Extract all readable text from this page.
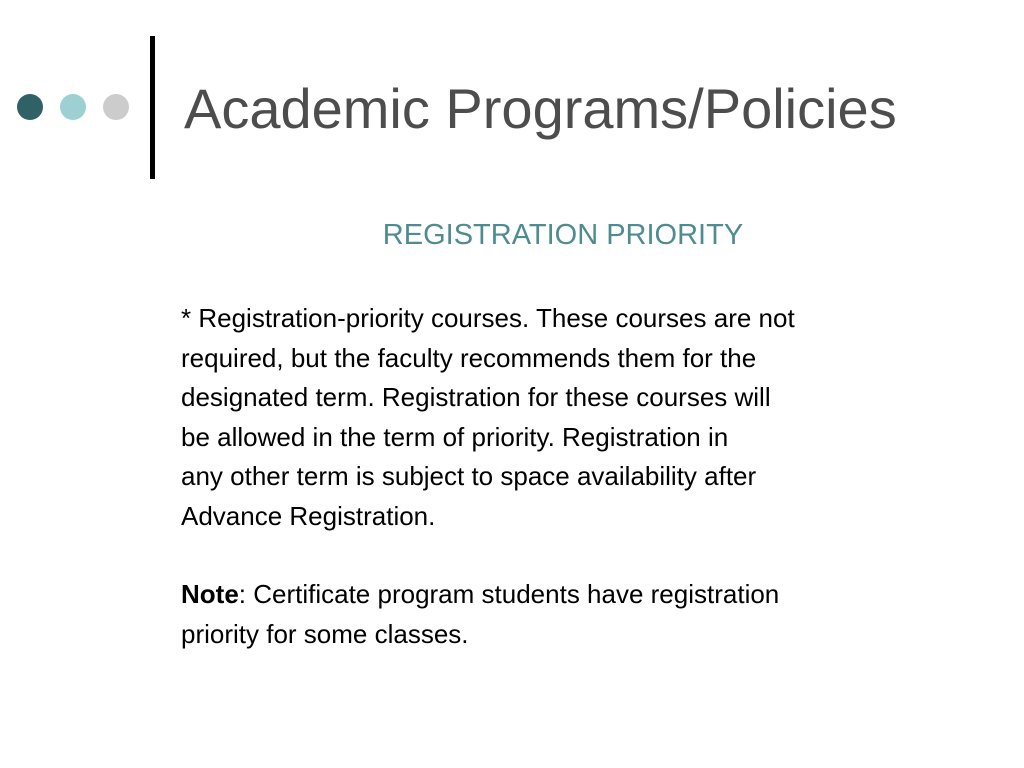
Academic Programs/Policies
REGISTRATION PRIORITY

* Registration-priority courses. These courses are not
required, but the faculty recommends them for the
designated term. Registration for these courses will
be allowed in the term of priority. Registration in
any other term is subject to space availability after
Advance Registration.

Note: Certificate program students have registration
priority for some classes.
